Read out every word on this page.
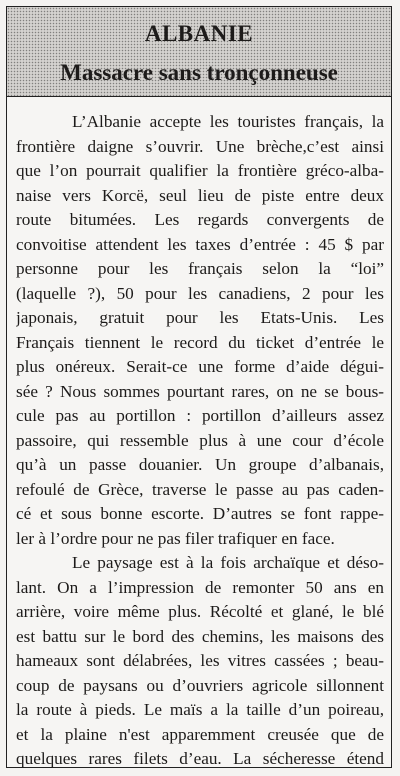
ALBANIE
Massacre sans tronçonneuse
L’Albanie accepte les touristes français, la
frontière daigne s’ouvrir. Une brèche,c’est ainsi
que l’on pourrait qualifier la frontière gréco-alba-
naise vers Korcë, seul lieu de piste entre deux
route bitumées. Les regards convergents de
convoitise attendent les taxes d’entrée : 45 $ par
personne pour les français selon la “loi”
(laquelle ?), 50 pour les canadiens, 2 pour les
japonais, gratuit pour les Etats-Unis. Les
Français tiennent le record du ticket d’entrée le
plus onéreux. Serait-ce une forme d’aide dégui-
sée ? Nous sommes pourtant rares, on ne se bous-
cule pas au portillon : portillon d’ailleurs assez
passoire, qui ressemble plus à une cour d’école
qu’à un passe douanier. Un groupe d’albanais,
refoulé de Grèce, traverse le passe au pas caden-
cé et sous bonne escorte. D’autres se font rappe-
ler à l’ordre pour ne pas filer trafiquer en face.
Le paysage est à la fois archaïque et déso-
lant. On a l’impression de remonter 50 ans en
arrière, voire même plus. Récolté et glané, le blé
est battu sur le bord des chemins, les maisons des
hameaux sont délabrées, les vitres cassées ; beau-
coup de paysans ou d’ouvriers agricole sillonnent
la route à pieds. Le maïs a la taille d’un poireau,
et la plaine n'est apparemment creusée que de
quelques rares filets d’eau. La sécheresse étend
